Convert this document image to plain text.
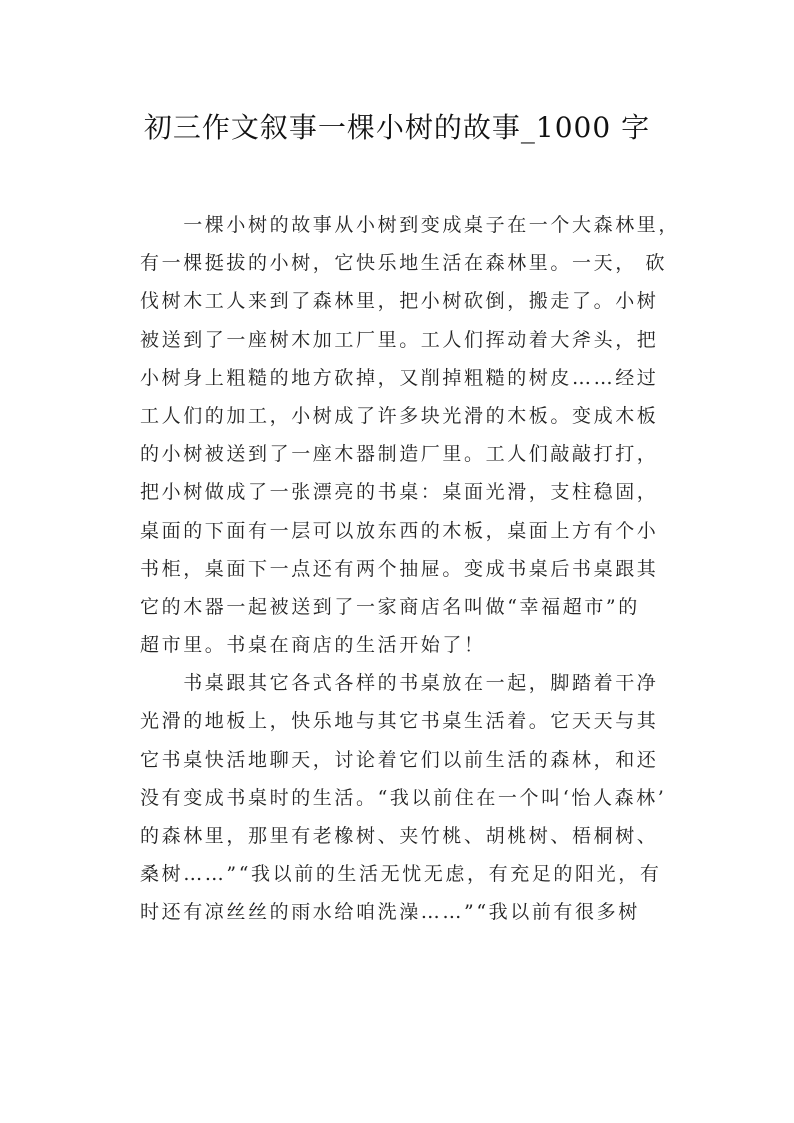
初三作文叙事一棵小树的故事_1000 字
　　一棵小树的故事从小树到变成桌子在一个大森林里，
有一棵挺拔的小树，它快乐地生活在森林里。一天， 砍
伐树木工人来到了森林里，把小树砍倒，搬走了。小树
被送到了一座树木加工厂里。工人们挥动着大斧头，把
小树身上粗糙的地方砍掉，又削掉粗糙的树皮……经过
工人们的加工，小树成了许多块光滑的木板。变成木板
的小树被送到了一座木器制造厂里。工人们敲敲打打，
把小树做成了一张漂亮的书桌：桌面光滑，支柱稳固，
桌面的下面有一层可以放东西的木板，桌面上方有个小
书柜，桌面下一点还有两个抽屉。变成书桌后书桌跟其
它的木器一起被送到了一家商店名叫做“幸福超市”的
超市里。书桌在商店的生活开始了！
　　书桌跟其它各式各样的书桌放在一起，脚踏着干净
光滑的地板上，快乐地与其它书桌生活着。它天天与其
它书桌快活地聊天，讨论着它们以前生活的森林，和还
没有变成书桌时的生活。“我以前住在一个叫‘怡人森林’
的森林里，那里有老橡树、夹竹桃、胡桃树、梧桐树、
桑树……”“我以前的生活无忧无虑，有充足的阳光，有
时还有凉丝丝的雨水给咱洗澡……”“我以前有很多树
